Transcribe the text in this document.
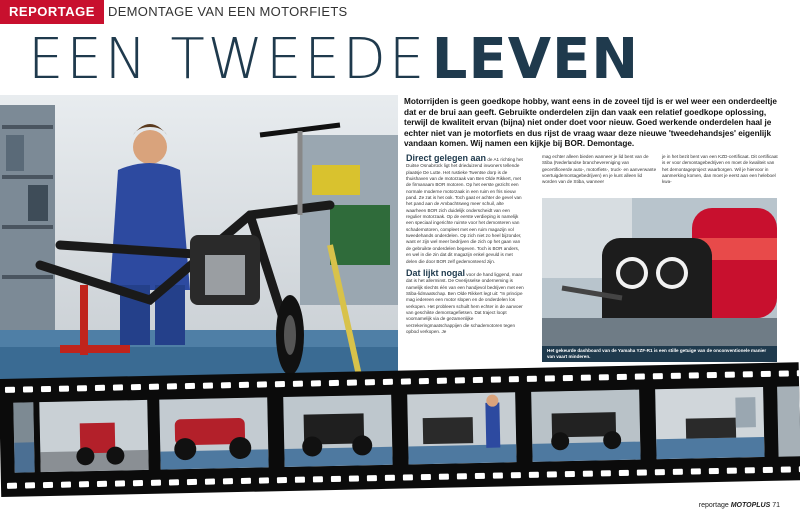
REPORTAGE	DEMONTAGE VAN EEN MOTORFIETS
EEN TWEEDE LEVEN
Motorrijden is geen goedkope hobby, want eens in de zoveel tijd is er wel weer een onderdeeltje dat er de brui aan geeft. Gebruikte onderdelen zijn dan vaak een relatief goedkope oplossing, terwijl de kwaliteit ervan (bijna) niet onder doet voor nieuw. Goed werkende onderdelen haal je echter niet van je motorfiets en dus rijst de vraag waar deze nieuwe 'tweedehandsjes' eigenlijk vandaan komen. Wij namen een kijkje bij BOR. Demontage.
Direct gelegen aan de A1 richting het Duitse Osnabrück ligt het drieduizend inwoners tellende plaatsje De Lutte. Het rustieke Twentse dorp is de thuishaven van de motorzaak van Ben Olde Rikkert, met de firmanaam BOR motoren. Op het eerste gezicht een normale moderne motorzaak in een ruim en fris nieuw pand. Ze zat is het ook. Toch gaat er achter de gevel van het pand aan de Ambachtsweg meer schuil, alte waarheen BOR zich duidelijk onderscheidt van een regulier motorzaak. Op de eerste verdieping is namelijk een speciaal ingerichte ruimte voor het demonteren van schademotoren, compleet met een ruim magazijn vol tweedehands onderdelen. Op zich niet zo heel bijzonder, want er zijn wel meer bedrijven die zich op het gaan van de gebruikte onderdelen begeven. Toch is BOR anders, en wel in die zin dat dit magazijn enkel gevuld is met delen die door BOR zelf gedemonteerd zijn.
Dat lijkt nogal voor de hand liggend, maar dat is het allerminst. De Overijsselse onderneming is namelijk slechts één van een handjevol bedrijven met een Stiba-lidmaatschap. Ben Olde Rikkert legt uit: "In principe mag iedereen een motor slopen en de onderdelen los verkopen. Het probleem schuilt hem echter in de aanvoer van geschikte demontagefietsen. Dat traject loopt voornamelijk via de gezamenlijke verzekeringmaatschappijen die schademotoren tegen opbod verkopen. Je
mag echter alleen bieden wanneer je lid bent van de Stiba (Nederlandse branchevereniging van gecertificeerde auto-, motorfiets-, truck- en aanverwante voertuigdemontagebedrijven) en je kunt alleen lid worden van de Stiba, wanneer
je in het bezit bent van een KZD-certificaat. Dit certificaat is er voor demontagebedrijven en moet de kwaliteit van het demontageproject waarborgen. Wil je hiervoor in aanmerking komen, dan moet je eerst aan een heleboel kwa-
Het gekeurde dashboard van de Yamaha YZF-R1 is een stille getuige van de onconventionele manier van vaart minderen.
reportage MOTOPLUS 71
